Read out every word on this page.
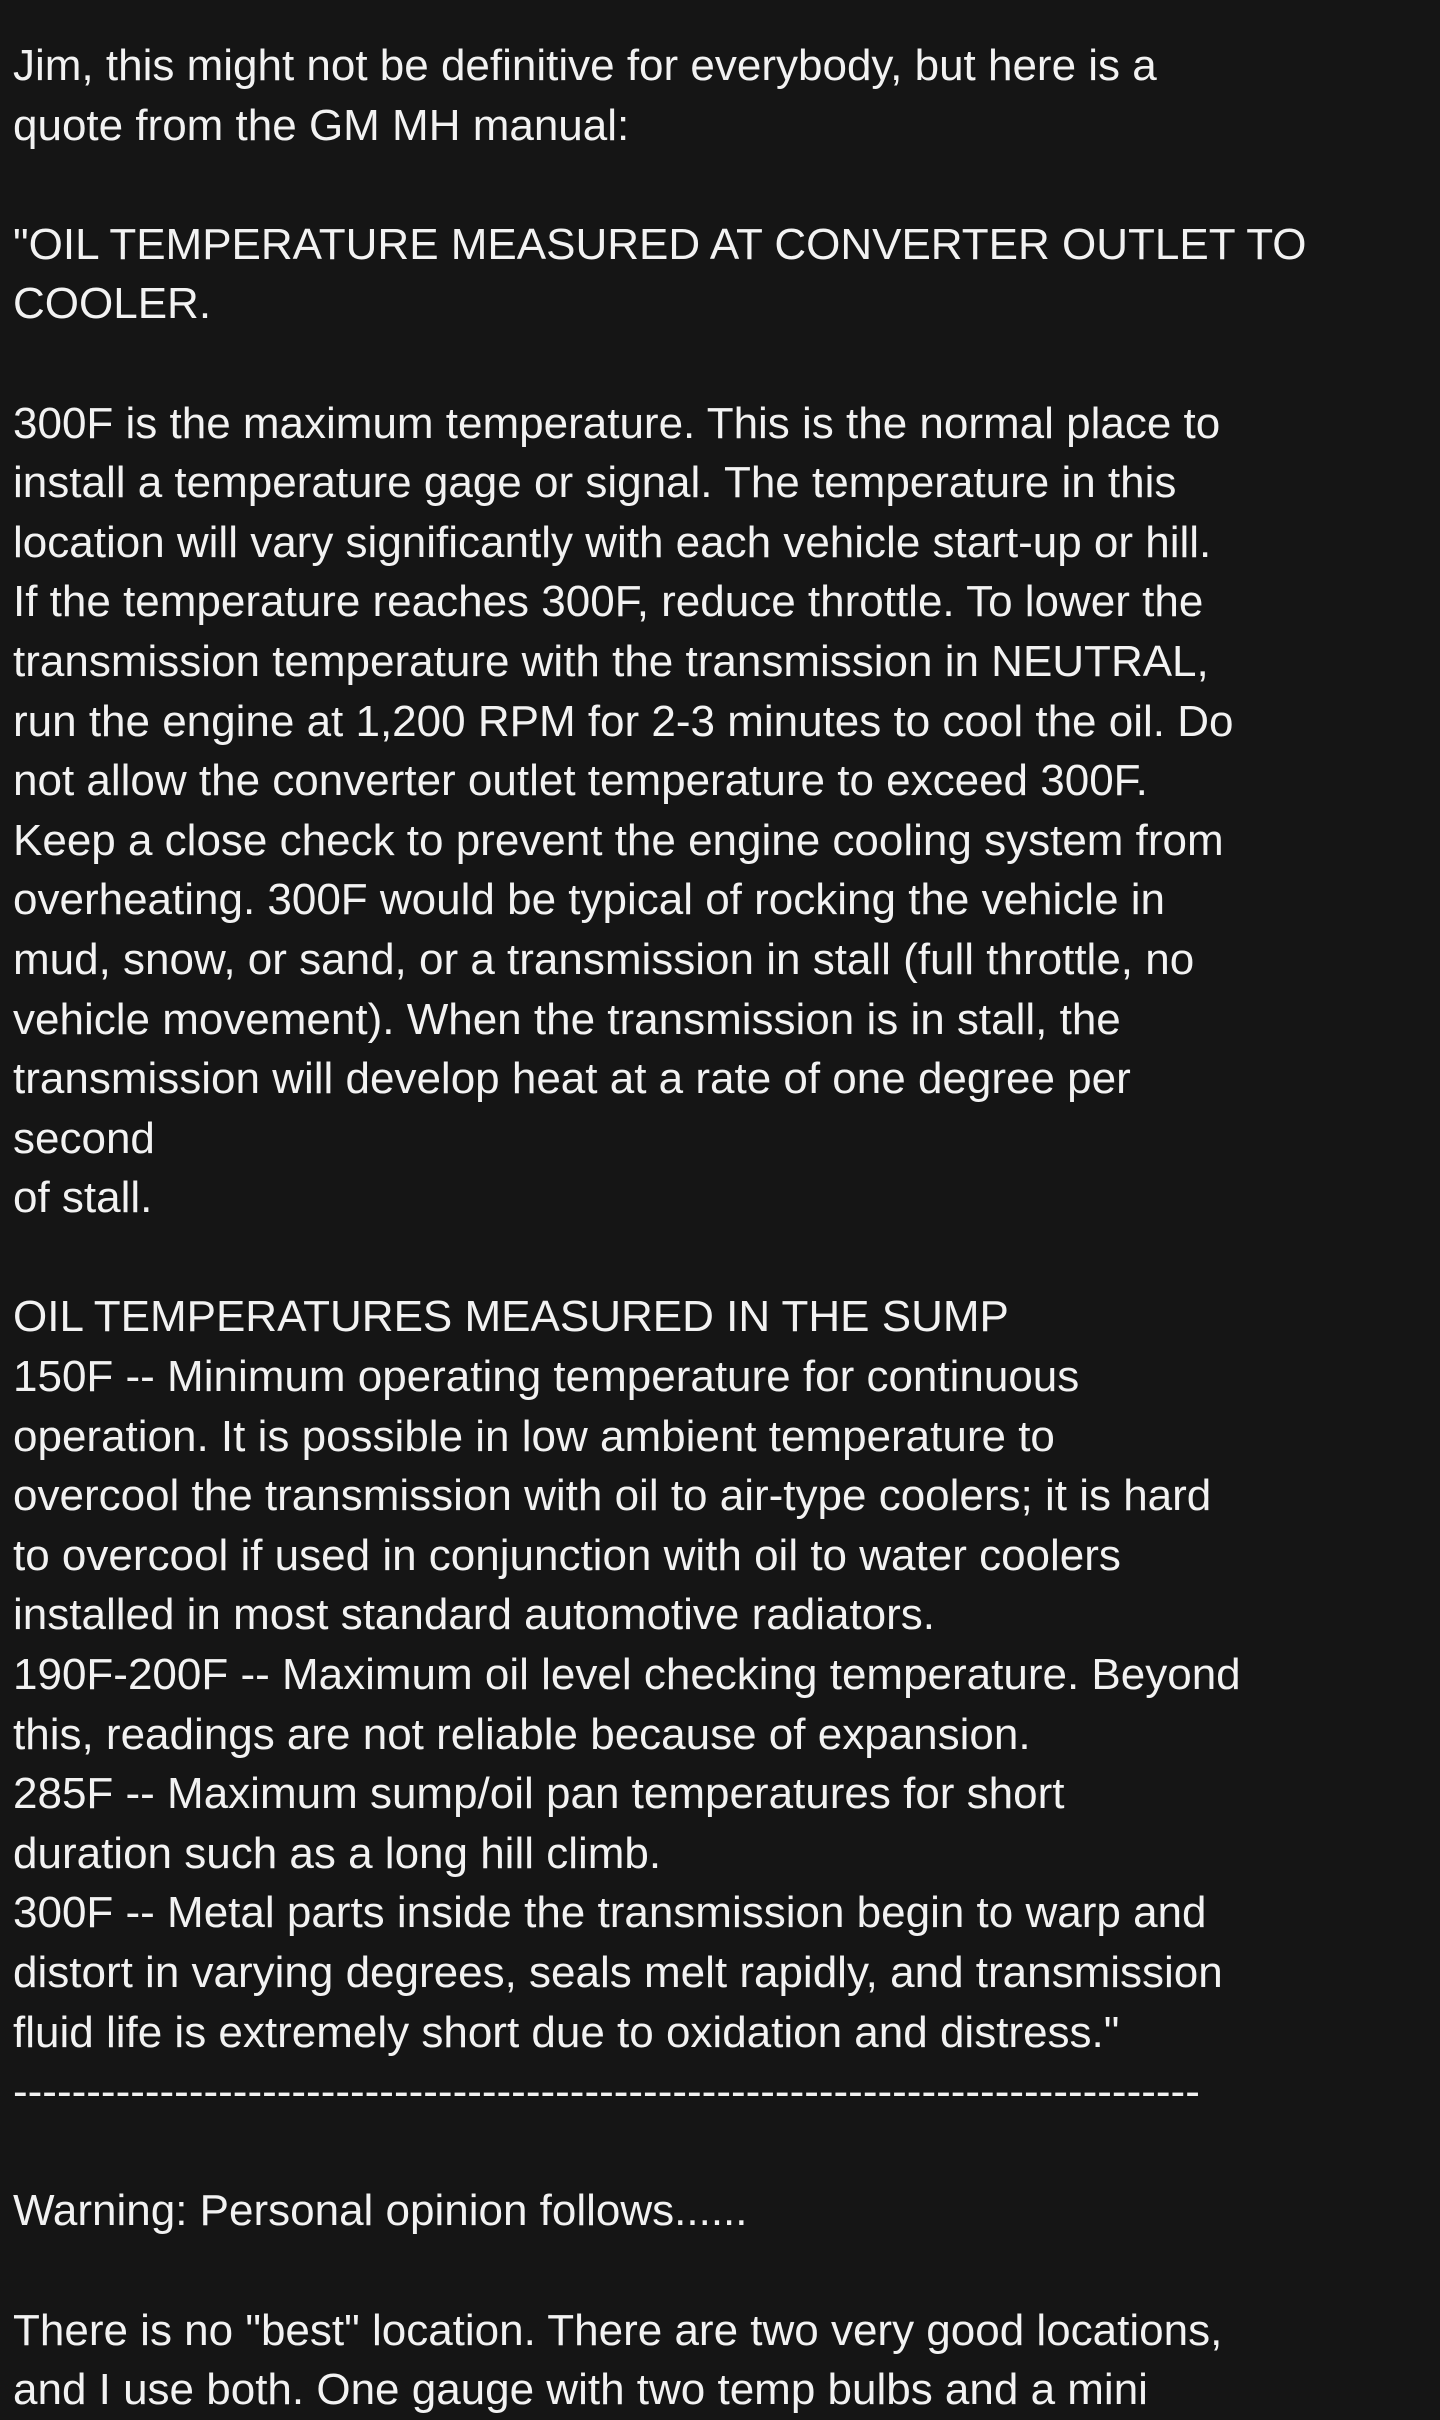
Jim, this might not be definitive for everybody, but here is a
quote from the GM MH manual:
"OIL TEMPERATURE MEASURED AT CONVERTER OUTLET TO
COOLER.
300F is the maximum temperature. This is the normal place to
install a temperature gage or signal. The temperature in this
location will vary significantly with each vehicle start-up or hill.
If the temperature reaches 300F, reduce throttle. To lower the
transmission temperature with the transmission in NEUTRAL,
run the engine at 1,200 RPM for 2-3 minutes to cool the oil. Do
not allow the converter outlet temperature to exceed 300F.
Keep a close check to prevent the engine cooling system from
overheating. 300F would be typical of rocking the vehicle in
mud, snow, or sand, or a transmission in stall (full throttle, no
vehicle movement). When the transmission is in stall, the
transmission will develop heat at a rate of one degree per
second
of stall.
OIL TEMPERATURES MEASURED IN THE SUMP
150F -- Minimum operating temperature for continuous
operation. It is possible in low ambient temperature to
overcool the transmission with oil to air-type coolers; it is hard
to overcool if used in conjunction with oil to water coolers
installed in most standard automotive radiators.
190F-200F -- Maximum oil level checking temperature. Beyond
this, readings are not reliable because of expansion.
285F -- Maximum sump/oil pan temperatures for short
duration such as a long hill climb.
300F -- Metal parts inside the transmission begin to warp and
distort in varying degrees, seals melt rapidly, and transmission
fluid life is extremely short due to oxidation and distress."
---------------------------------------------------------------------------------
Warning: Personal opinion follows......
There is no "best" location. There are two very good locations,
and I use both. One gauge with two temp bulbs and a mini
